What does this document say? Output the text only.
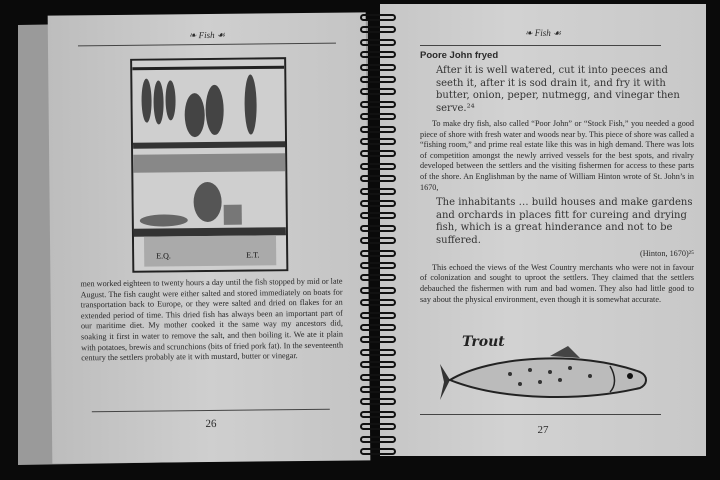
❧ Fish ☙
E.Q.	E.T.
men worked eighteen to twenty hours a day until the fish stopped by mid or late August. The fish caught were either salted and stored immediately on boats for transportation back to Europe, or they were salted and dried on flakes for an extended period of time. This dried fish has always been an important part of our maritime diet. My mother cooked it the same way my ancestors did, soaking it first in water to remove the salt, and then boiling it. We ate it plain with potatoes, brewis and scrunchions (bits of fried pork fat). In the seventeenth century the settlers probably ate it with mustard, butter or vinegar.
26
❧ Fish ☙
Poore John fryed
After it is well watered, cut it into peeces and seeth it, after it is sod drain it, and fry it with butter, onion, peper, nutmegg, and vinegar then serve.²⁴
To make dry fish, also called “Poor John” or “Stock Fish,” you needed a good piece of shore with fresh water and woods near by. This piece of shore was called a “fishing room,” and prime real estate like this was in high demand. There was lots of competition amongst the newly arrived vessels for the best spots, and rivalry developed between the settlers and the visiting fishermen for access to these parts of the shore. An Englishman by the name of William Hinton wrote of St. John’s in 1670,
The inhabitants … build houses and make gardens and orchards in places fitt for cureing and drying fish, which is a great hinderance and not to be suffered.
(Hinton, 1670)²⁵
This echoed the views of the West Country merchants who were not in favour of colonization and sought to uproot the settlers. They claimed that the settlers debauched the fishermen with rum and bad women. They also had little good to say about the physical environment, even though it is somewhat accurate.
27
Trout
